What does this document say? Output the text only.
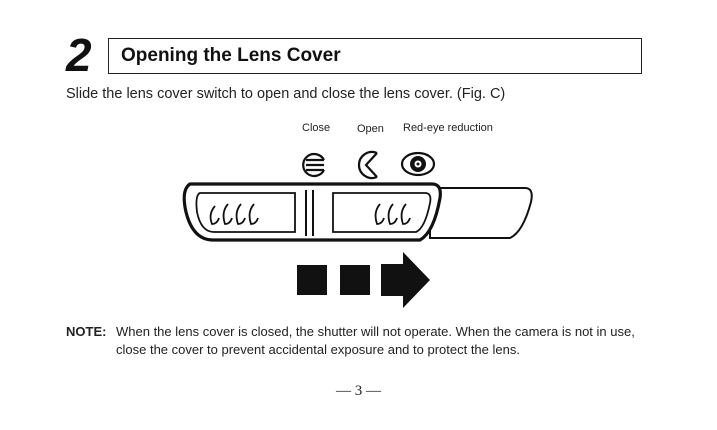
2 Opening the Lens Cover
Slide the lens cover switch to open and close the lens cover. (Fig. C)
Close Open Red-eye reduction
NOTE: When the lens cover is closed, the shutter will not operate. When the camera is not in use, close the cover to prevent accidental exposure and to protect the lens.
— 3 —
